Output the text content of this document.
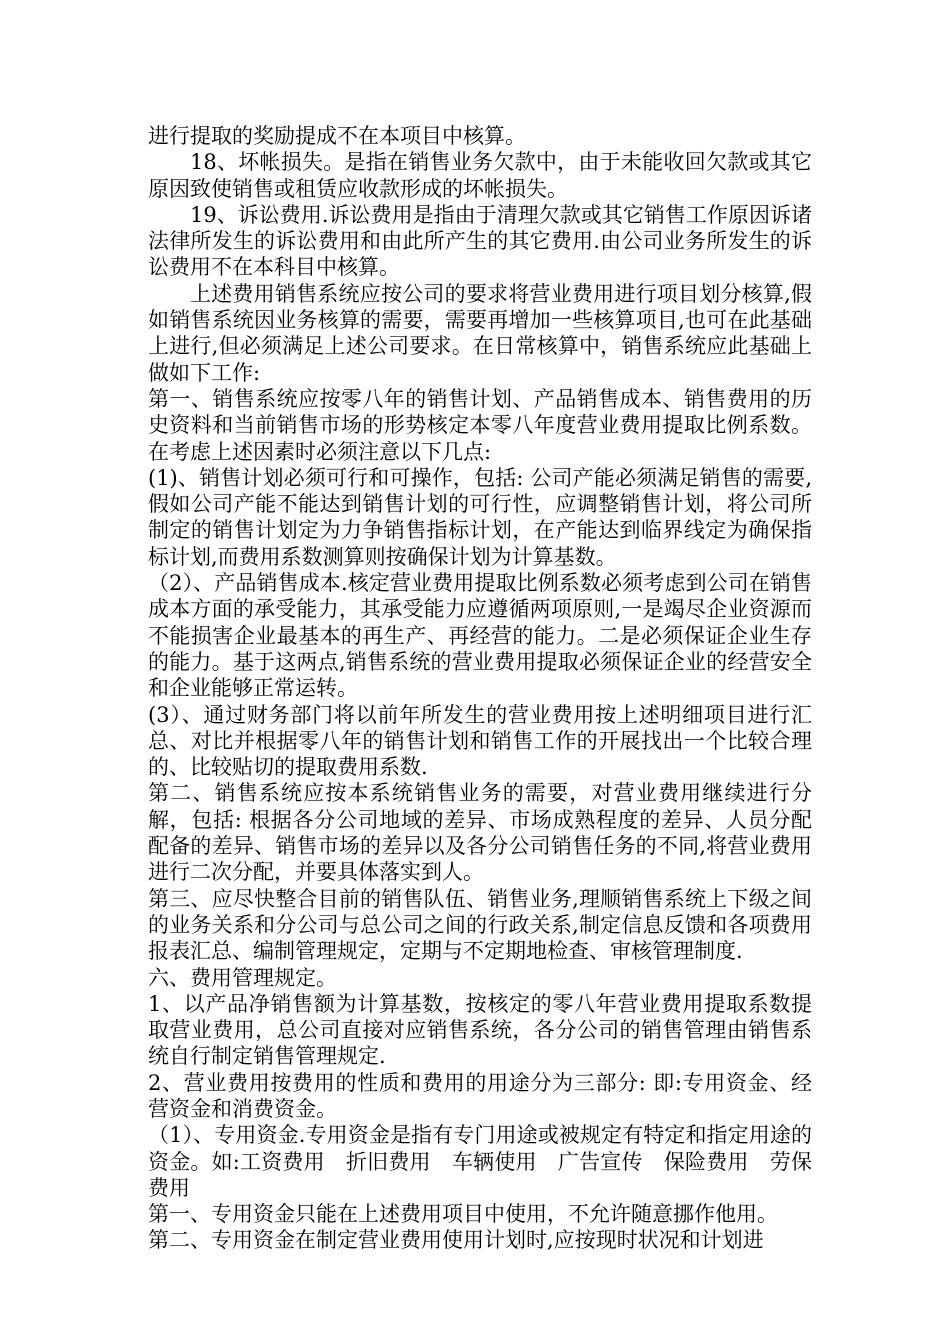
进行提取的奖励提成不在本项目中核算。

18、坏帐损失。是指在销售业务欠款中，由于未能收回欠款或其它原因致使销售或租赁应收款形成的坏帐损失。

19、诉讼费用.诉讼费用是指由于清理欠款或其它销售工作原因诉诸法律所发生的诉讼费用和由此所产生的其它费用.由公司业务所发生的诉讼费用不在本科目中核算。

上述费用销售系统应按公司的要求将营业费用进行项目划分核算,假如销售系统因业务核算的需要，需要再增加一些核算项目,也可在此基础上进行,但必须满足上述公司要求。在日常核算中，销售系统应此基础上做如下工作:

第一、销售系统应按零八年的销售计划、产品销售成本、销售费用的历史资料和当前销售市场的形势核定本零八年度营业费用提取比例系数。在考虑上述因素时必须注意以下几点:

(1)、销售计划必须可行和可操作，包括: 公司产能必须满足销售的需要,假如公司产能不能达到销售计划的可行性，应调整销售计划，将公司所制定的销售计划定为力争销售指标计划，在产能达到临界线定为确保指标计划,而费用系数测算则按确保计划为计算基数。

（2）、产品销售成本.核定营业费用提取比例系数必须考虑到公司在销售成本方面的承受能力，其承受能力应遵循两项原则,一是竭尽企业资源而不能损害企业最基本的再生产、再经营的能力。二是必须保证企业生存的能力。基于这两点,销售系统的营业费用提取必须保证企业的经营安全和企业能够正常运转。

(3）、通过财务部门将以前年所发生的营业费用按上述明细项目进行汇总、对比并根据零八年的销售计划和销售工作的开展找出一个比较合理的、比较贴切的提取费用系数.

第二、销售系统应按本系统销售业务的需要，对营业费用继续进行分解，包括: 根据各分公司地域的差异、市场成熟程度的差异、人员分配配备的差异、销售市场的差异以及各分公司销售任务的不同,将营业费用进行二次分配，并要具体落实到人。

第三、应尽快整合目前的销售队伍、销售业务,理顺销售系统上下级之间的业务关系和分公司与总公司之间的行政关系,制定信息反馈和各项费用报表汇总、编制管理规定，定期与不定期地检查、审核管理制度.

六、费用管理规定。

1、以产品净销售额为计算基数，按核定的零八年营业费用提取系数提取营业费用，总公司直接对应销售系统，各分公司的销售管理由销售系统自行制定销售管理规定.

2、营业费用按费用的性质和费用的用途分为三部分: 即:专用资金、经营资金和消费资金。

（1）、专用资金.专用资金是指有专门用途或被规定有特定和指定用途的资金。如:工资费用　折旧费用　车辆使用　广告宣传　保险费用　劳保费用

第一、专用资金只能在上述费用项目中使用，不允许随意挪作他用。

第二、专用资金在制定营业费用使用计划时,应按现时状况和计划进
